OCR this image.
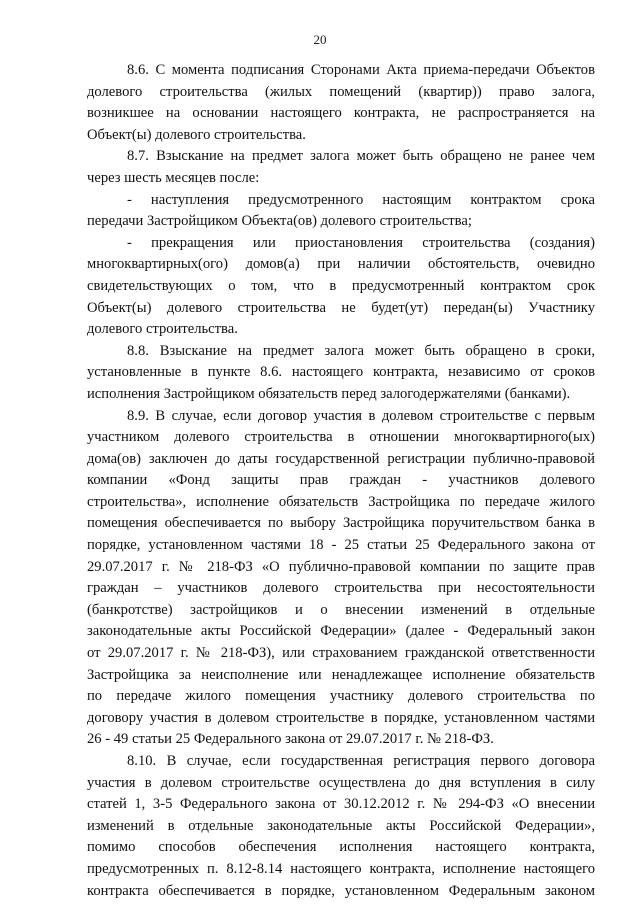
20
8.6. С момента подписания Сторонами Акта приема-передачи Объектов
долевого строительства (жилых помещений (квартир)) право залога,
возникшее на основании настоящего контракта, не распространяется на
Объект(ы) долевого строительства.
8.7. Взыскание на предмет залога может быть обращено не ранее чем
через шесть месяцев после:
- наступления предусмотренного настоящим контрактом срока
передачи Застройщиком Объекта(ов) долевого строительства;
- прекращения или приостановления строительства (создания)
многоквартирных(ого) домов(а) при наличии обстоятельств, очевидно
свидетельствующих о том, что в предусмотренный контрактом срок
Объект(ы) долевого строительства не будет(ут) передан(ы) Участнику
долевого строительства.
8.8. Взыскание на предмет залога может быть обращено в сроки,
установленные в пункте 8.6. настоящего контракта, независимо от сроков
исполнения Застройщиком обязательств перед залогодержателями (банками).
8.9. В случае, если договор участия в долевом строительстве с первым
участником долевого строительства в отношении многоквартирного(ых)
дома(ов) заключен до даты государственной регистрации публично-правовой
компании «Фонд защиты прав граждан - участников долевого
строительства», исполнение обязательств Застройщика по передаче жилого
помещения обеспечивается по выбору Застройщика поручительством банка в
порядке, установленном частями 18 - 25 статьи 25 Федерального закона от
29.07.2017 г. № 218-ФЗ «О публично-правовой компании по защите прав
граждан – участников долевого строительства при несостоятельности
(банкротстве) застройщиков и о внесении изменений в отдельные
законодательные акты Российской Федерации» (далее - Федеральный закон
от 29.07.2017 г. № 218-ФЗ), или страхованием гражданской ответственности
Застройщика за неисполнение или ненадлежащее исполнение обязательств
по передаче жилого помещения участнику долевого строительства по
договору участия в долевом строительстве в порядке, установленном частями
26 - 49 статьи 25 Федерального закона от 29.07.2017 г. № 218-ФЗ.
8.10. В случае, если государственная регистрация первого договора
участия в долевом строительстве осуществлена до дня вступления в силу
статей 1, 3-5 Федерального закона от 30.12.2012 г. № 294-ФЗ «О внесении
изменений в отдельные законодательные акты Российской Федерации»,
помимо способов обеспечения исполнения настоящего контракта,
предусмотренных п. 8.12-8.14 настоящего контракта, исполнение настоящего
контракта обеспечивается в порядке, установленном Федеральным законом
